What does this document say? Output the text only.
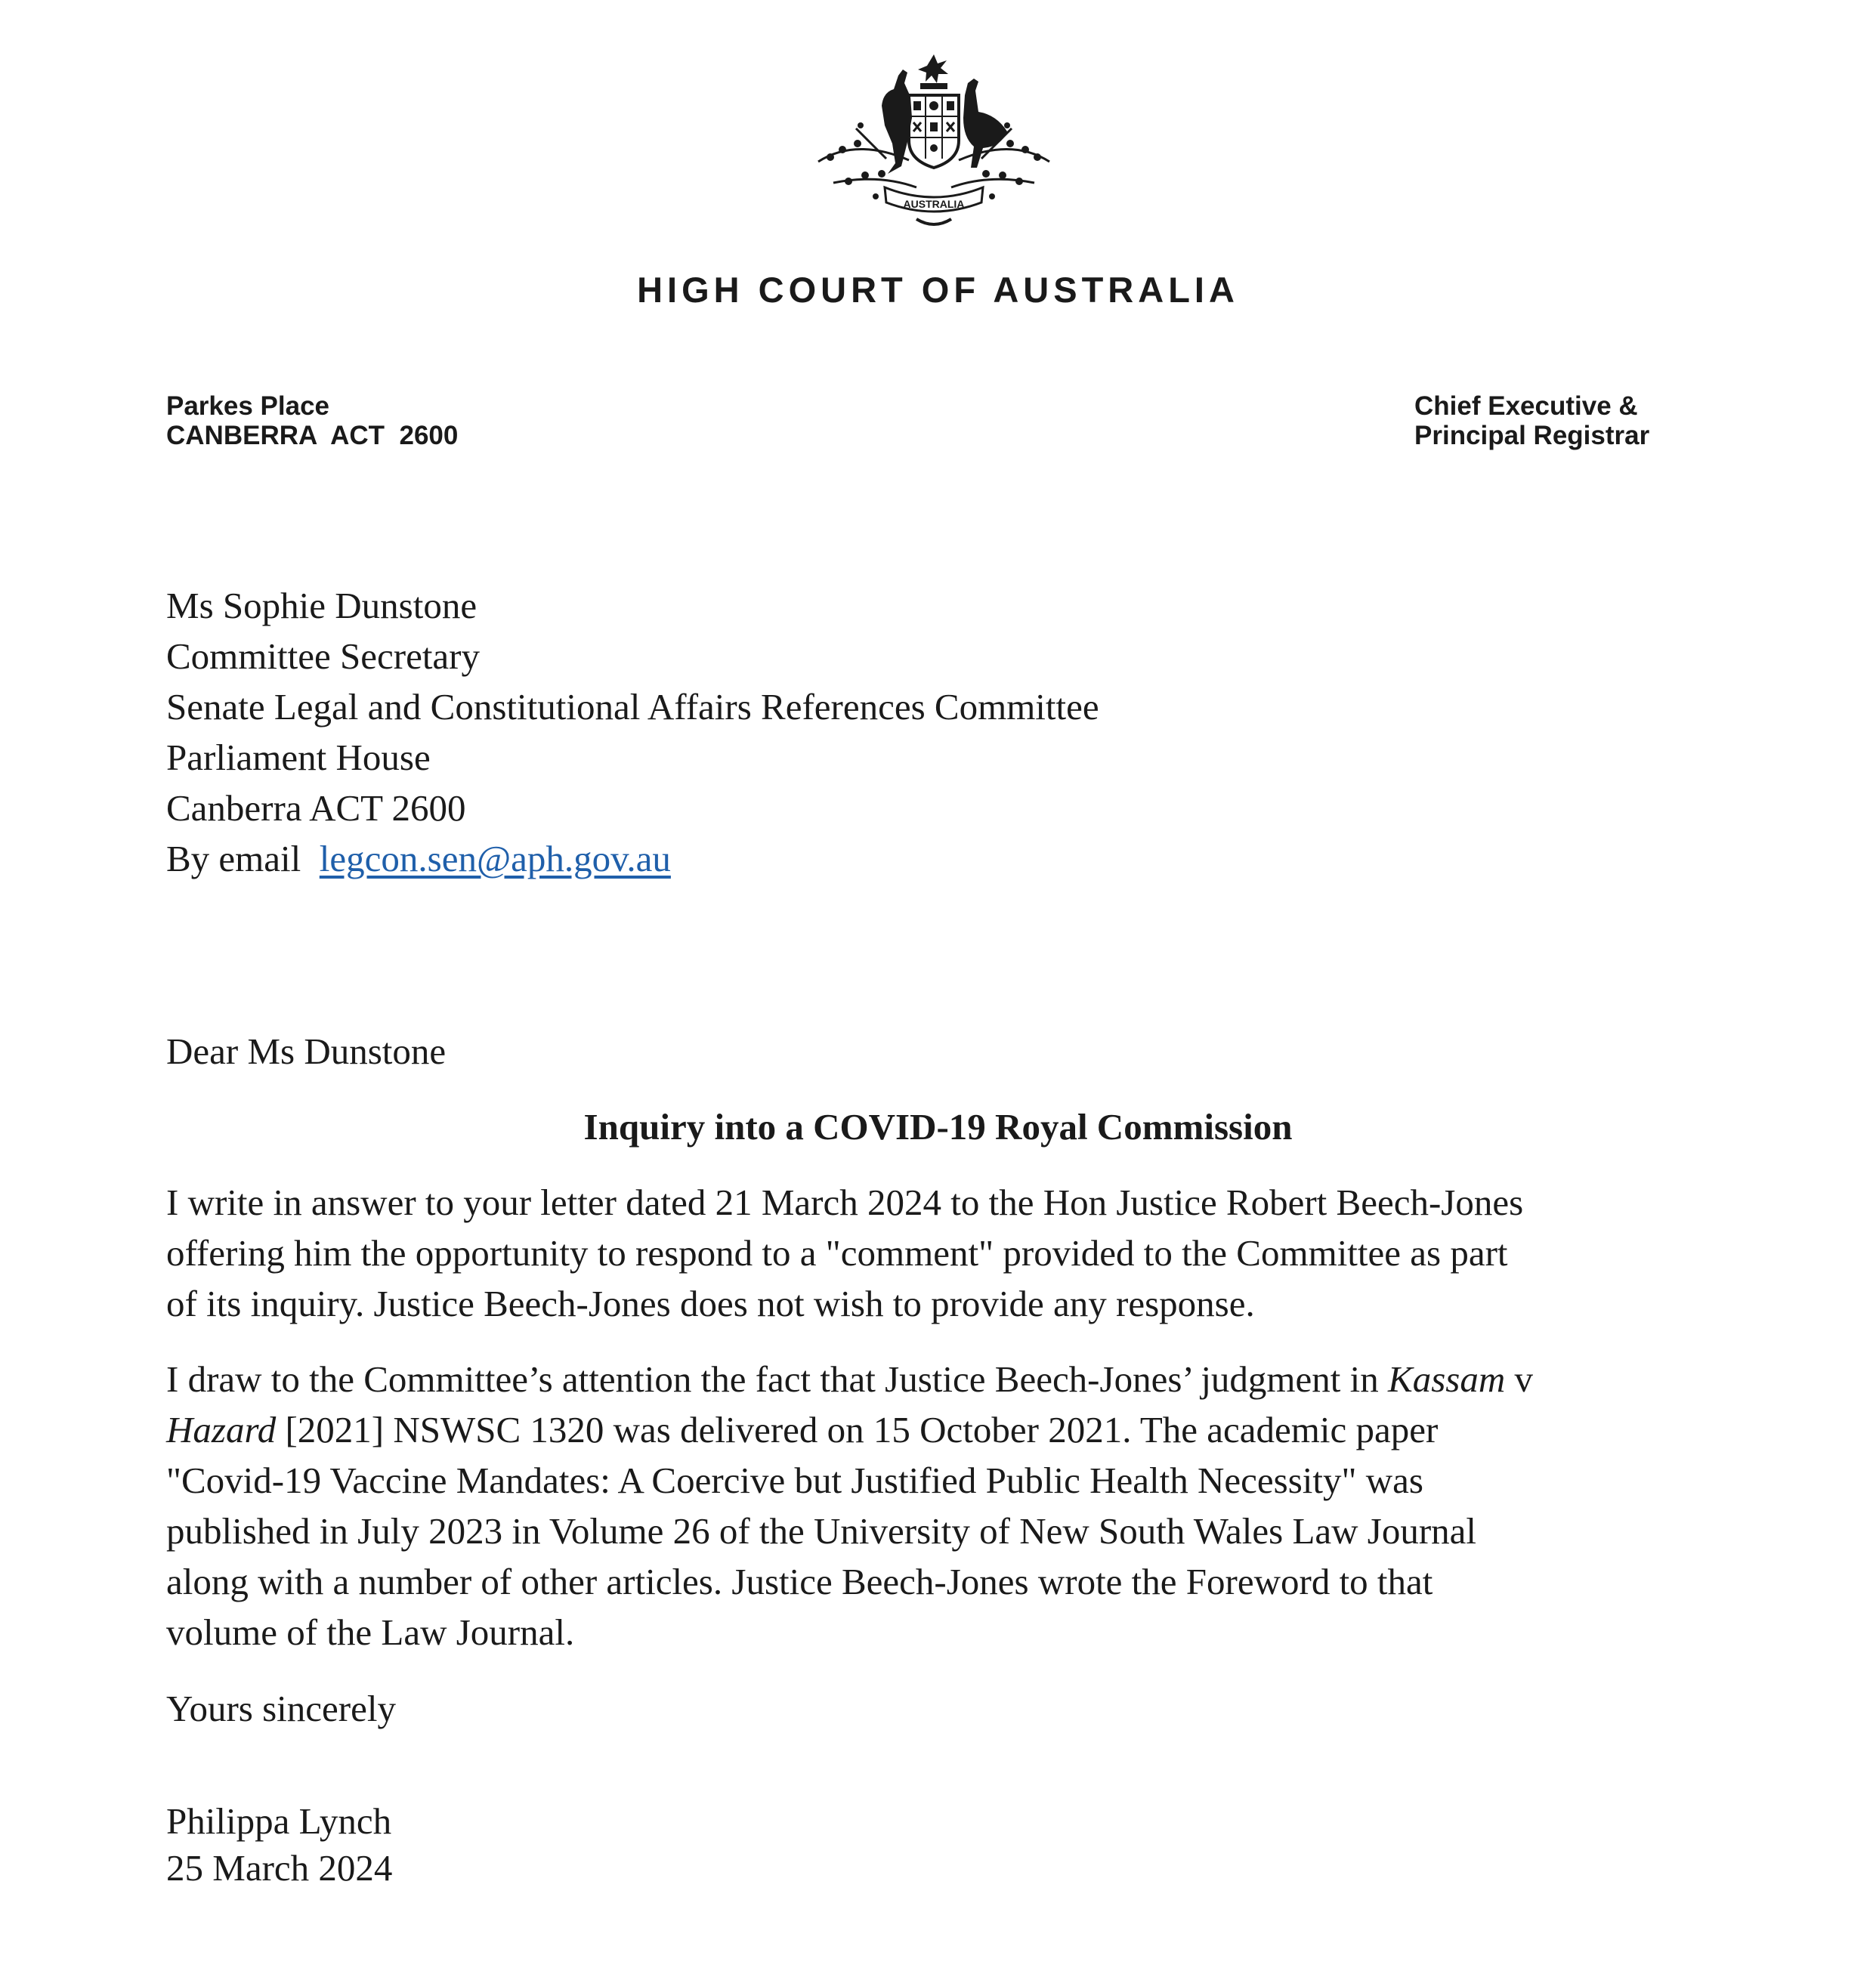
AUSTRALIA
HIGH COURT OF AUSTRALIA
Parkes Place
CANBERRA  ACT  2600
Chief Executive &
Principal Registrar
Ms Sophie Dunstone
Committee Secretary
Senate Legal and Constitutional Affairs References Committee
Parliament House
Canberra ACT 2600
By email legcon.sen@aph.gov.au
Dear Ms Dunstone
Inquiry into a COVID-19 Royal Commission
I write in answer to your letter dated 21 March 2024 to the Hon Justice Robert Beech-Jones
offering him the opportunity to respond to a "comment" provided to the Committee as part
of its inquiry. Justice Beech-Jones does not wish to provide any response.
I draw to the Committee’s attention the fact that Justice Beech-Jones’ judgment in Kassam v
Hazard [2021] NSWSC 1320 was delivered on 15 October 2021. The academic paper
"Covid-19 Vaccine Mandates: A Coercive but Justified Public Health Necessity" was
published in July 2023 in Volume 26 of the University of New South Wales Law Journal
along with a number of other articles. Justice Beech-Jones wrote the Foreword to that
volume of the Law Journal.
Yours sincerely
Philippa Lynch
25 March 2024
